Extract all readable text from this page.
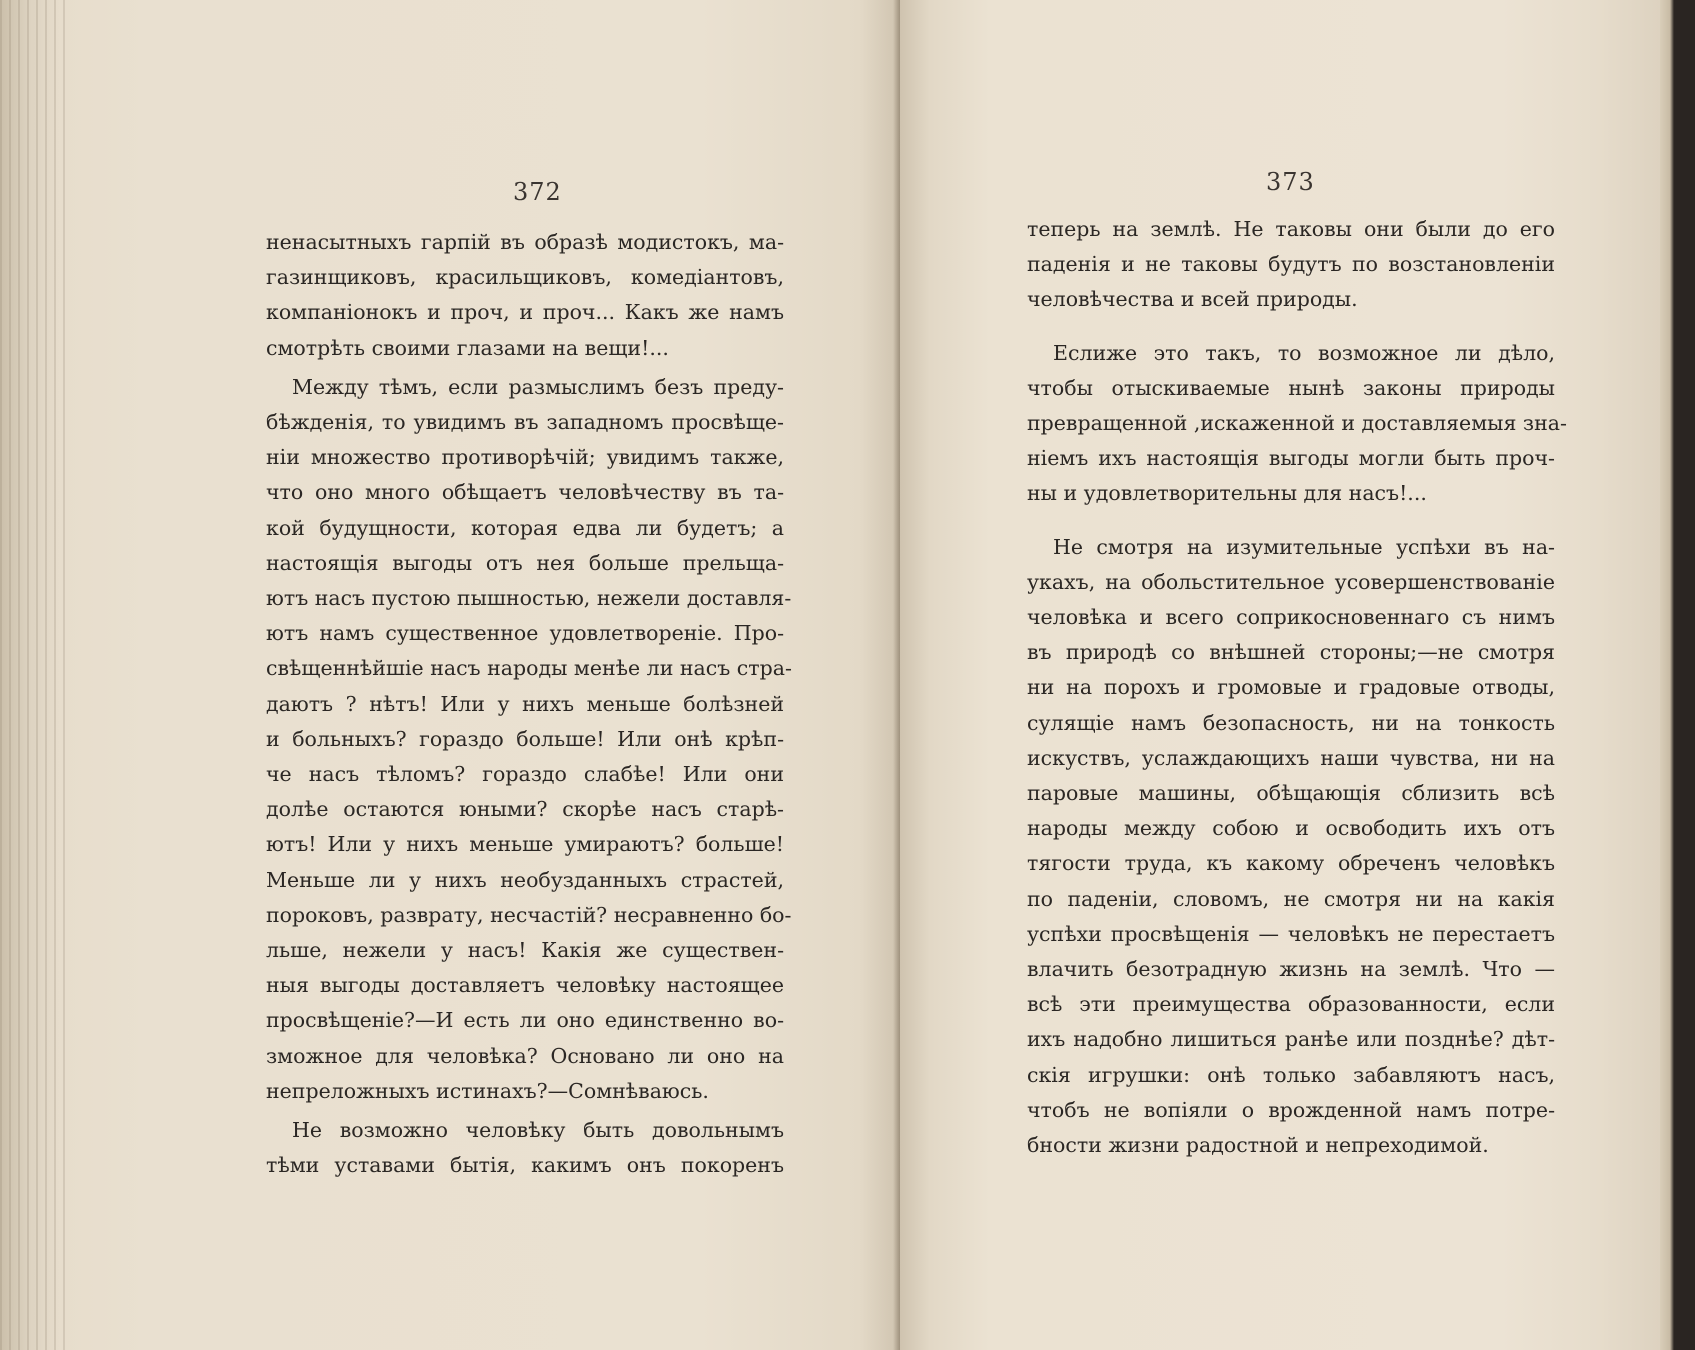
372
ненасытныхъ гарпій въ образѣ модистокъ, ма-
газинщиковъ, красильщиковъ, комедіантовъ,
компаніонокъ и проч, и проч... Какъ же намъ
смотрѣть своими глазами на вещи!...
Между тѣмъ, если размыслимъ безъ преду-
бѣжденія, то увидимъ въ западномъ просвѣще-
ніи множество противорѣчій; увидимъ также,
что оно много обѣщаетъ человѣчеству въ та-
кой будущности, которая едва ли будетъ; а
настоящія выгоды отъ нея больше прельща-
ютъ насъ пустою пышностью, нежели доставля-
ютъ намъ существенное удовлетвореніе. Про-
свѣщеннѣйшіе насъ народы менѣе ли насъ стра-
даютъ ? нѣтъ! Или у нихъ меньше болѣзней
и больныхъ? гораздо больше! Или онѣ крѣп-
че насъ тѣломъ? гораздо слабѣе! Или они
долѣе остаются юными? скорѣе насъ старѣ-
ютъ! Или у нихъ меньше умираютъ? больше!
Меньше ли у нихъ необузданныхъ страстей,
пороковъ, разврату, несчастій? несравненно бо-
льше, нежели у насъ! Какія же существен-
ныя выгоды доставляетъ человѣку настоящее
просвѣщеніе?—И есть ли оно единственно во-
зможное для человѣка? Основано ли оно на
непреложныхъ истинахъ?—Сомнѣваюсь.
Не возможно человѣку быть довольнымъ
тѣми уставами бытія, какимъ онъ покоренъ
373
теперь на землѣ. Не таковы они были до его
паденія и не таковы будутъ по возстановленіи
человѣчества и всей природы.
Еслиже это такъ, то возможное ли дѣло,
чтобы отыскиваемые нынѣ законы природы
превращенной ,искаженной и доставляемыя зна-
ніемъ ихъ настоящія выгоды могли быть проч-
ны и удовлетворительны для насъ!...
Не смотря на изумительные успѣхи въ на-
укахъ, на обольстительное усовершенствованіе
человѣка и всего соприкосновеннаго съ нимъ
въ природѣ со внѣшней стороны;—не смотря
ни на порохъ и громовые и градовые отводы,
сулящіе намъ безопасность, ни на тонкость
искуствъ, услаждающихъ наши чувства, ни на
паровые машины, обѣщающія сблизить всѣ
народы между собою и освободить ихъ отъ
тягости труда, къ какому обреченъ человѣкъ
по паденіи, словомъ, не смотря ни на какія
успѣхи просвѣщенія — человѣкъ не перестаетъ
влачить безотрадную жизнь на землѣ. Что —
всѣ эти преимущества образованности, если
ихъ надобно лишиться ранѣе или позднѣе? дѣт-
скія игрушки: онѣ только забавляютъ насъ,
чтобъ не вопіяли о врожденной намъ потре-
бности жизни радостной и непреходимой.
